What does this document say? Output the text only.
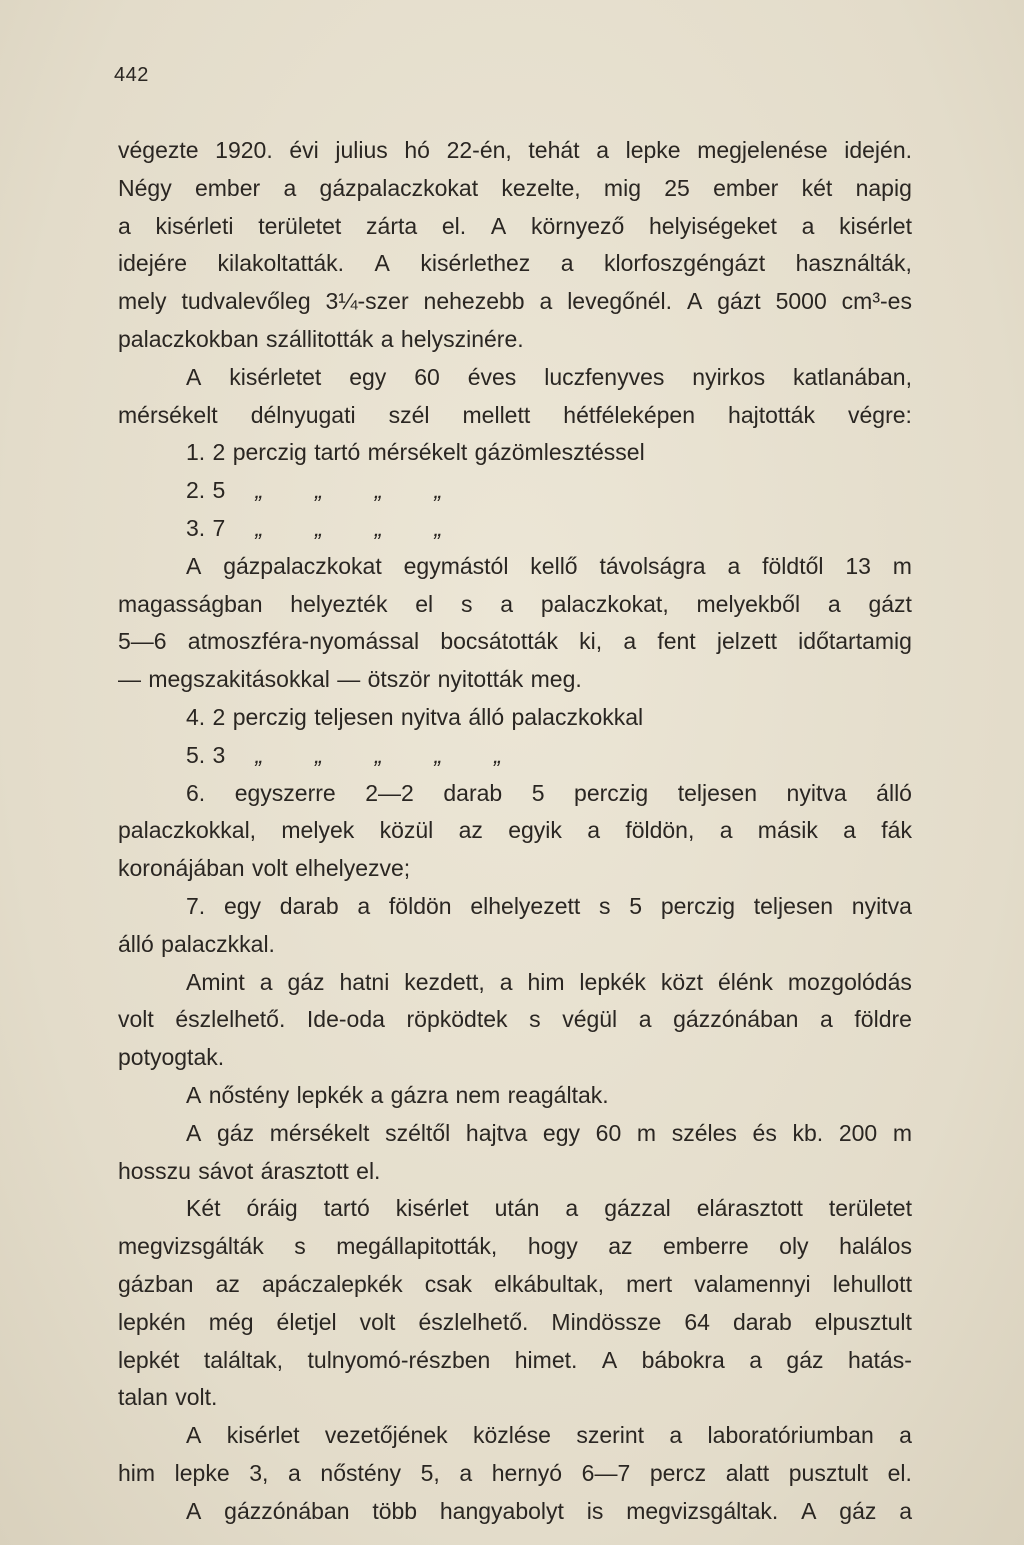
442
végezte 1920. évi julius hó 22-én, tehát a lepke megjelenése idején.
Négy ember a gázpalaczkokat kezelte, mig 25 ember két napig
a kisérleti területet zárta el. A környező helyiségeket a kisérlet
idejére kilakoltatták. A kisérlethez a klorfoszgéngázt használták,
mely tudvalevőleg 3¼-szer nehezebb a levegőnél. A gázt 5000 cm³-es
palaczkokban szállitották a helyszinére.
A kisérletet egy 60 éves luczfenyves nyirkos katlanában,
mérsékelt délnyugati szél mellett hétféleképen hajtották végre:
1. 2 perczig tartó mérsékelt gázömlesztéssel
2. 5 „ „ „ „
3. 7 „ „ „ „
A gázpalaczkokat egymástól kellő távolságra a földtől 13 m
magasságban helyezték el s a palaczkokat, melyekből a gázt
5—6 atmoszféra-nyomással bocsátották ki, a fent jelzett időtartamig
— megszakitásokkal — ötször nyitották meg.
4. 2 perczig teljesen nyitva álló palaczkokkal
5. 3 „ „ „ „ „
6. egyszerre 2—2 darab 5 perczig teljesen nyitva álló
palaczkokkal, melyek közül az egyik a földön, a másik a fák
koronájában volt elhelyezve;
7. egy darab a földön elhelyezett s 5 perczig teljesen nyitva
álló palaczkkal.
Amint a gáz hatni kezdett, a him lepkék közt élénk mozgolódás
volt észlelhető. Ide-oda röpködtek s végül a gázzónában a földre
potyogtak.
A nőstény lepkék a gázra nem reagáltak.
A gáz mérsékelt széltől hajtva egy 60 m széles és kb. 200 m
hosszu sávot árasztott el.
Két óráig tartó kisérlet után a gázzal elárasztott területet
megvizsgálták s megállapitották, hogy az emberre oly halálos
gázban az apáczalepkék csak elkábultak, mert valamennyi lehullott
lepkén még életjel volt észlelhető. Mindössze 64 darab elpusztult
lepkét találtak, tulnyomó-részben himet. A bábokra a gáz hatás-
talan volt.
A kisérlet vezetőjének közlése szerint a laboratóriumban a
him lepke 3, a nőstény 5, a hernyó 6—7 percz alatt pusztult el.
A gázzónában több hangyabolyt is megvizsgáltak. A gáz a
